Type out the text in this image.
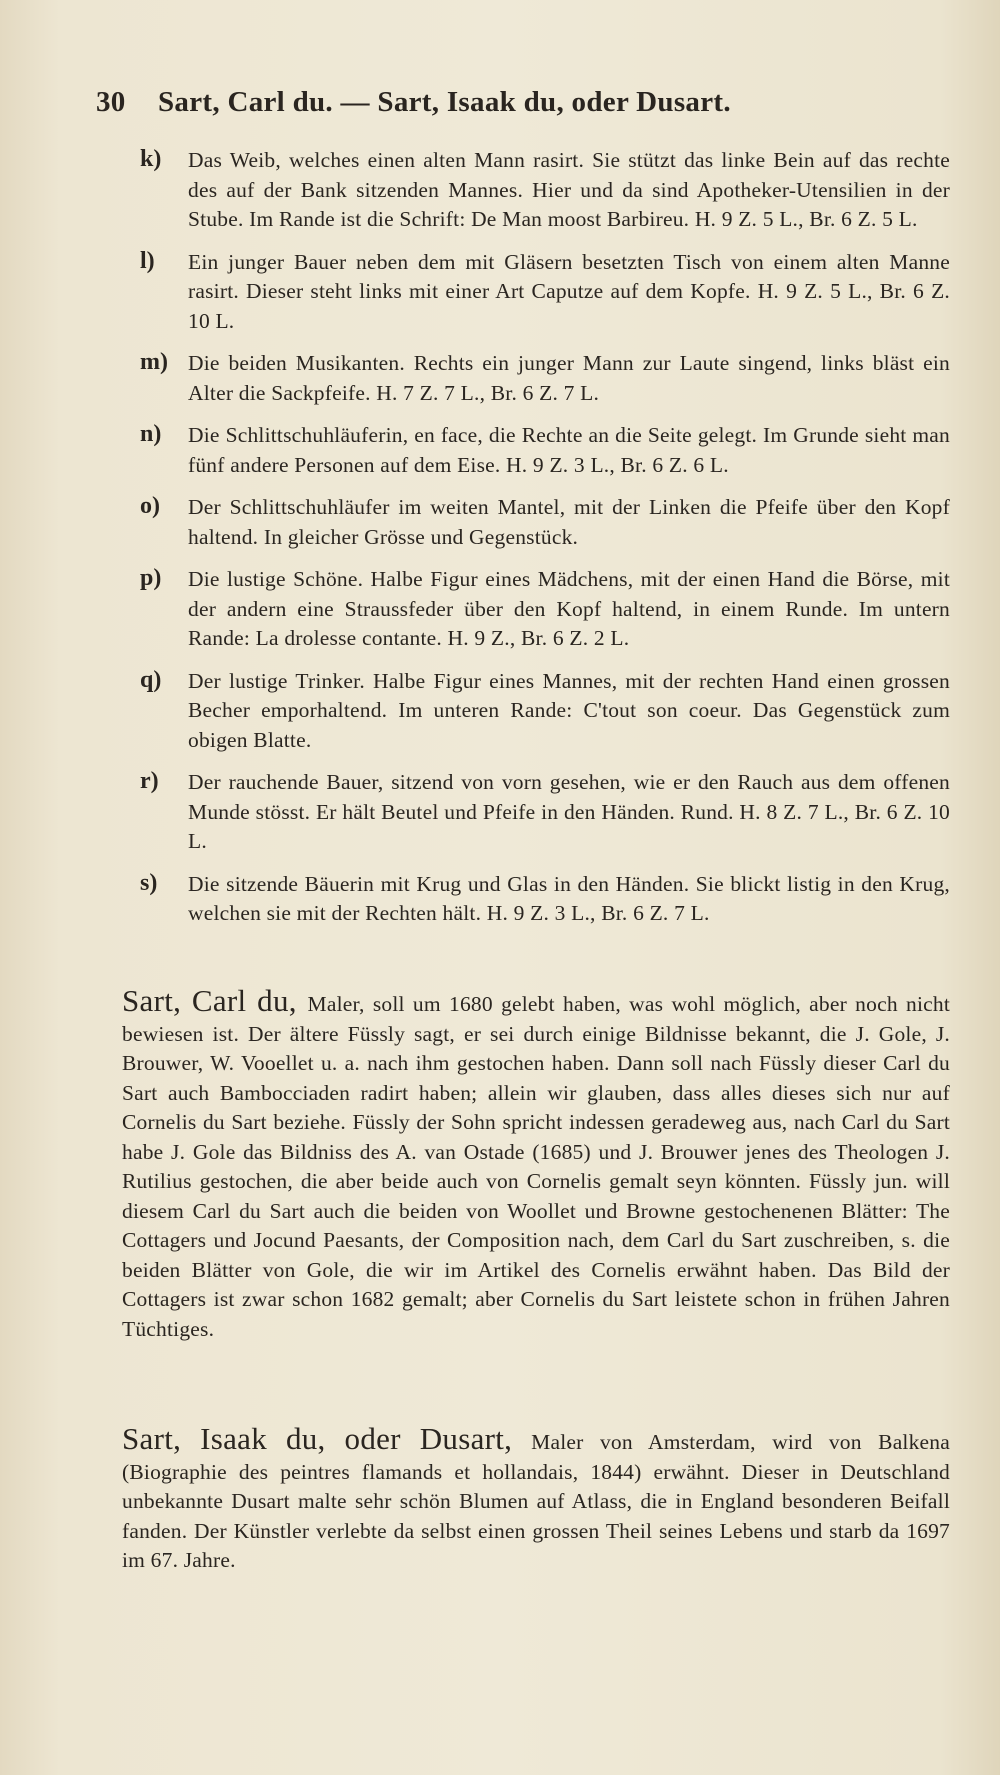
30 Sart, Carl du. — Sart, Isaak du, oder Dusart.
k) Das Weib, welches einen alten Mann rasirt. Sie stützt das linke Bein auf das rechte des auf der Bank sitzenden Mannes. Hier und da sind Apotheker-Utensilien in der Stube. Im Rande ist die Schrift: De Man moost Barbireu. H. 9 Z. 5 L., Br. 6 Z. 5 L.
l) Ein junger Bauer neben dem mit Gläsern besetzten Tisch von einem alten Manne rasirt. Dieser steht links mit einer Art Caputze auf dem Kopfe. H. 9 Z. 5 L., Br. 6 Z. 10 L.
m) Die beiden Musikanten. Rechts ein junger Mann zur Laute singend, links bläst ein Alter die Sackpfeife. H. 7 Z. 7 L., Br. 6 Z. 7 L.
n) Die Schlittschuhläuferin, en face, die Rechte an die Seite gelegt. Im Grunde sieht man fünf andere Personen auf dem Eise. H. 9 Z. 3 L., Br. 6 Z. 6 L.
o) Der Schlittschuhläufer im weiten Mantel, mit der Linken die Pfeife über den Kopf haltend. In gleicher Grösse und Gegenstück.
p) Die lustige Schöne. Halbe Figur eines Mädchens, mit der einen Hand die Börse, mit der andern eine Straussfeder über den Kopf haltend, in einem Runde. Im untern Rande: La drolesse contante. H. 9 Z., Br. 6 Z. 2 L.
q) Der lustige Trinker. Halbe Figur eines Mannes, mit der rechten Hand einen grossen Becher emporhaltend. Im unteren Rande: C'tout son coeur. Das Gegenstück zum obigen Blatte.
r) Der rauchende Bauer, sitzend von vorn gesehen, wie er den Rauch aus dem offenen Munde stösst. Er hält Beutel und Pfeife in den Händen. Rund. H. 8 Z. 7 L., Br. 6 Z. 10 L.
s) Die sitzende Bäuerin mit Krug und Glas in den Händen. Sie blickt listig in den Krug, welchen sie mit der Rechten hält. H. 9 Z. 3 L., Br. 6 Z. 7 L.
Sart, Carl du, Maler, soll um 1680 gelebt haben, was wohl möglich, aber noch nicht bewiesen ist. Der ältere Füssly sagt, er sei durch einige Bildnisse bekannt, die J. Gole, J. Brouwer, W. Vooellet u. a. nach ihm gestochen haben. Dann soll nach Füssly dieser Carl du Sart auch Bambocciaden radirt haben; allein wir glauben, dass alles dieses sich nur auf Cornelis du Sart beziehe. Füssly der Sohn spricht indessen geradeweg aus, nach Carl du Sart habe J. Gole das Bildniss des A. van Ostade (1685) und J. Brouwer jenes des Theologen J. Rutilius gestochen, die aber beide auch von Cornelis gemalt seyn könnten. Füssly jun. will diesem Carl du Sart auch die beiden von Woollet und Browne gestochenenen Blätter: The Cottagers und Jocund Paesants, der Composition nach, dem Carl du Sart zuschreiben, s. die beiden Blätter von Gole, die wir im Artikel des Cornelis erwähnt haben. Das Bild der Cottagers ist zwar schon 1682 gemalt; aber Cornelis du Sart leistete schon in frühen Jahren Tüchtiges.
Sart, Isaak du, oder Dusart, Maler von Amsterdam, wird von Balkena (Biographie des peintres flamands et hollandais, 1844) erwähnt. Dieser in Deutschland unbekannte Dusart malte sehr schön Blumen auf Atlass, die in England besonderen Beifall fanden. Der Künstler verlebte da selbst einen grossen Theil seines Lebens und starb da 1697 im 67. Jahre.
